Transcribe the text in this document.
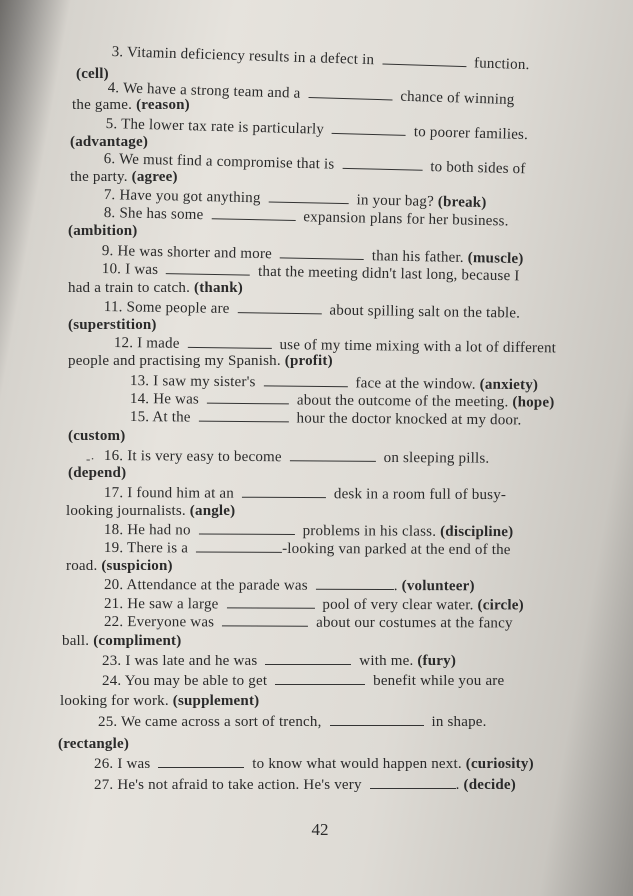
3. Vitamin deficiency results in a defect in	function.
(cell)
4. We have a strong team and a	chance of winning
the game. (reason)
5. The lower tax rate is particularly	to poorer families.
(advantage)
6. We must find a compromise that is	to both sides of
the party. (agree)
7. Have you got anything	in your bag? (break)
8. She has some	expansion plans for her business.
(ambition)
9. He was shorter and more	than his father. (muscle)
10. I was	that the meeting didn't last long, because I
had a train to catch. (thank)
11. Some people are	about spilling salt on the table.
(superstition)
12. I made	use of my time mixing with a lot of different
people and practising my Spanish. (profit)
13. I saw my sister's	face at the window. (anxiety)
14. He was	about the outcome of the meeting. (hope)
15. At the	hour the doctor knocked at my door.
(custom)
-· 16. It is very easy to become	on sleeping pills.
(depend)
17. I found him at an	desk in a room full of busy-
looking journalists. (angle)
18. He had no	problems in his class. (discipline)
19. There is a	-looking van parked at the end of the
road. (suspicion)
20. Attendance at the parade was	. (volunteer)
21. He saw a large	pool of very clear water. (circle)
22. Everyone was	about our costumes at the fancy
ball. (compliment)
23. I was late and he was	with me. (fury)
24. You may be able to get	benefit while you are
looking for work. (supplement)
25. We came across a sort of trench,	in shape.
(rectangle)
26. I was	to know what would happen next. (curiosity)
27. He's not afraid to take action. He's very	. (decide)
42
